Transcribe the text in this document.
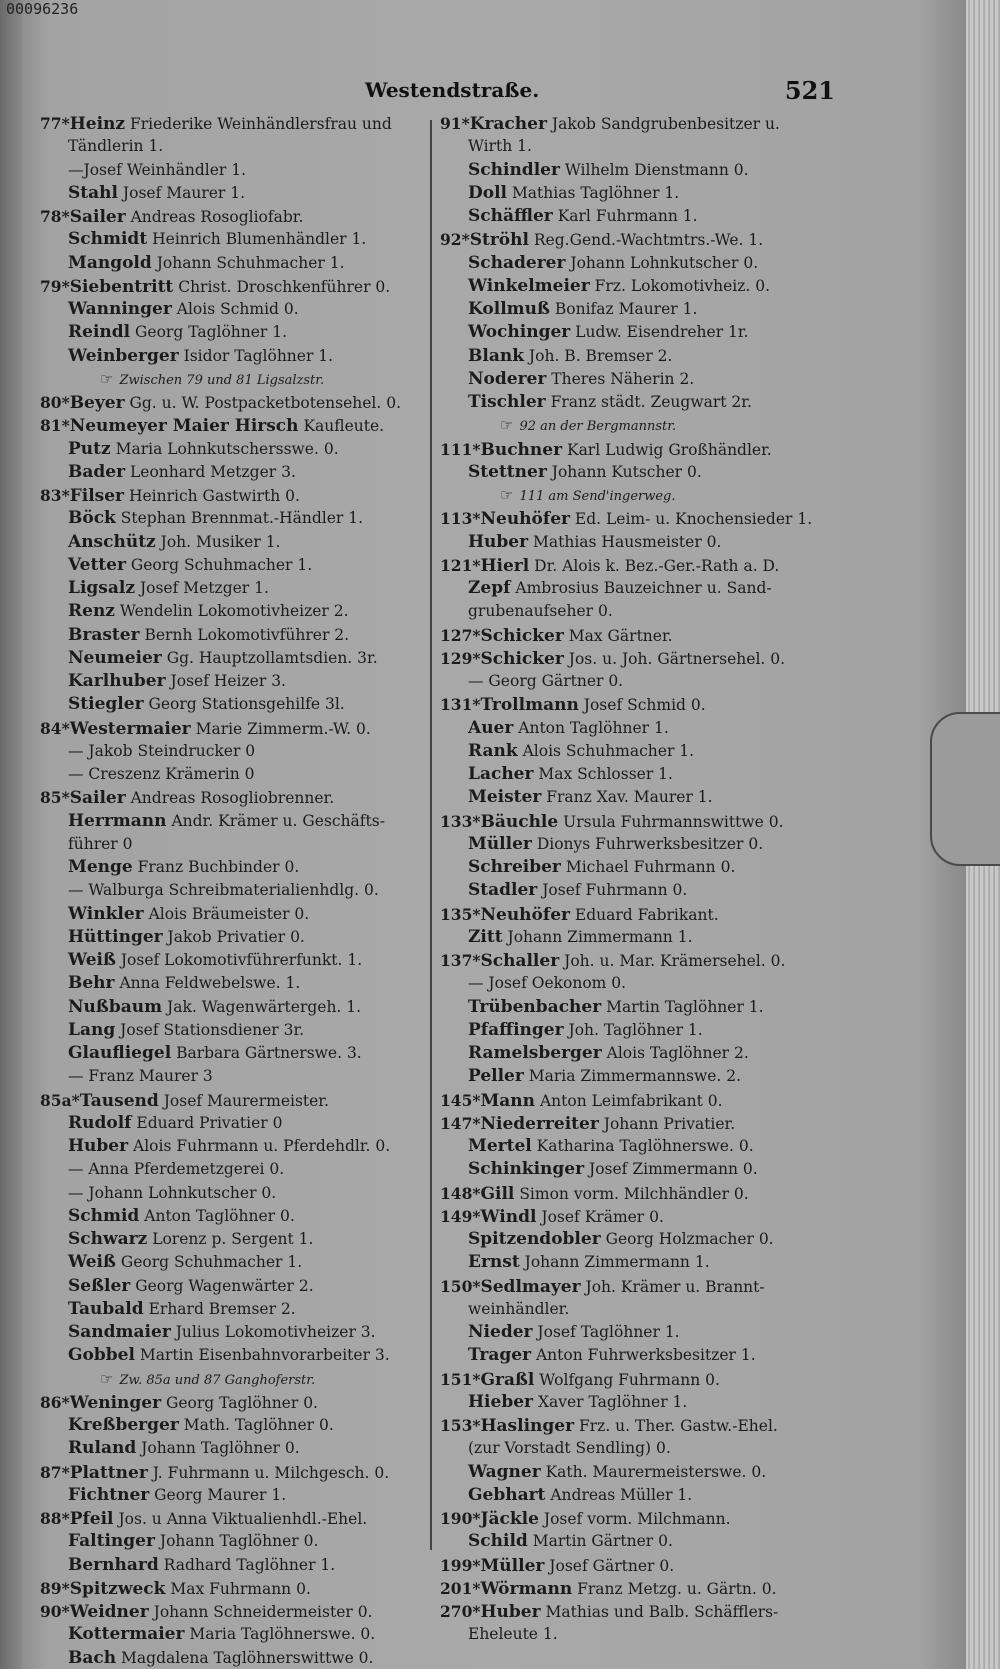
00096236
Westendstraße.	521
77*Heinz Friederike Weinhändlersfrau und
Tändlerin 1.
—Josef Weinhändler 1.
Stahl Josef Maurer 1.
78*Sailer Andreas Rosogliofabr.
Schmidt Heinrich Blumenhändler 1.
Mangold Johann Schuhmacher 1.
79*Siebentritt Christ. Droschkenführer 0.
Wanninger Alois Schmid 0.
Reindl Georg Taglöhner 1.
Weinberger Isidor Taglöhner 1.
☞ Zwischen 79 und 81 Ligsalzstr.
80*Beyer Gg. u. W. Postpacketbotensehel. 0.
81*Neumeyer Maier Hirsch Kaufleute.
Putz Maria Lohnkutschersswe. 0.
Bader Leonhard Metzger 3.
83*Filser Heinrich Gastwirth 0.
Böck Stephan Brennmat.-Händler 1.
Anschütz Joh. Musiker 1.
Vetter Georg Schuhmacher 1.
Ligsalz Josef Metzger 1.
Renz Wendelin Lokomotivheizer 2.
Braster Bernh Lokomotivführer 2.
Neumeier Gg. Hauptzollamtsdien. 3r.
Karlhuber Josef Heizer 3.
Stiegler Georg Stationsgehilfe 3l.
84*Westermaier Marie Zimmerm.-W. 0.
— Jakob Steindrucker 0
— Creszenz Krämerin 0
85*Sailer Andreas Rosogliobrenner.
Herrmann Andr. Krämer u. Geschäfts-
führer 0
Menge Franz Buchbinder 0.
— Walburga Schreibmaterialienhdlg. 0.
Winkler Alois Bräumeister 0.
Hüttinger Jakob Privatier 0.
Weiß Josef Lokomotivführerfunkt. 1.
Behr Anna Feldwebelswe. 1.
Nußbaum Jak. Wagenwärtergeh. 1.
Lang Josef Stationsdiener 3r.
Glaufliegel Barbara Gärtnerswe. 3.
— Franz Maurer 3
85a*Tausend Josef Maurermeister.
Rudolf Eduard Privatier 0
Huber Alois Fuhrmann u. Pferdehdlr. 0.
— Anna Pferdemetzgerei 0.
— Johann Lohnkutscher 0.
Schmid Anton Taglöhner 0.
Schwarz Lorenz p. Sergent 1.
Weiß Georg Schuhmacher 1.
Seßler Georg Wagenwärter 2.
Taubald Erhard Bremser 2.
Sandmaier Julius Lokomotivheizer 3.
Gobbel Martin Eisenbahnvorarbeiter 3.
☞ Zw. 85a und 87 Ganghoferstr.
86*Weninger Georg Taglöhner 0.
Kreßberger Math. Taglöhner 0.
Ruland Johann Taglöhner 0.
87*Plattner J. Fuhrmann u. Milchgesch. 0.
Fichtner Georg Maurer 1.
88*Pfeil Jos. u Anna Viktualienhdl.-Ehel.
Faltinger Johann Taglöhner 0.
Bernhard Radhard Taglöhner 1.
89*Spitzweck Max Fuhrmann 0.
90*Weidner Johann Schneidermeister 0.
Kottermaier Maria Taglöhnerswe. 0.
Bach Magdalena Taglöhnerswittwe 0.
91*Kracher Jakob Sandgrubenbesitzer u.
Wirth 1.
Schindler Wilhelm Dienstmann 0.
Doll Mathias Taglöhner 1.
Schäffler Karl Fuhrmann 1.
92*Ströhl Reg.Gend.-Wachtmtrs.-We. 1.
Schaderer Johann Lohnkutscher 0.
Winkelmeier Frz. Lokomotivheiz. 0.
Kollmuß Bonifaz Maurer 1.
Wochinger Ludw. Eisendreher 1r.
Blank Joh. B. Bremser 2.
Noderer Theres Näherin 2.
Tischler Franz städt. Zeugwart 2r.
☞ 92 an der Bergmannstr.
111*Buchner Karl Ludwig Großhändler.
Stettner Johann Kutscher 0.
☞ 111 am Send'ingerweg.
113*Neuhöfer Ed. Leim- u. Knochensieder 1.
Huber Mathias Hausmeister 0.
121*Hierl Dr. Alois k. Bez.-Ger.-Rath a. D.
Zepf Ambrosius Bauzeichner u. Sand-
grubenaufseher 0.
127*Schicker Max Gärtner.
129*Schicker Jos. u. Joh. Gärtnersehel. 0.
— Georg Gärtner 0.
131*Trollmann Josef Schmid 0.
Auer Anton Taglöhner 1.
Rank Alois Schuhmacher 1.
Lacher Max Schlosser 1.
Meister Franz Xav. Maurer 1.
133*Bäuchle Ursula Fuhrmannswittwe 0.
Müller Dionys Fuhrwerksbesitzer 0.
Schreiber Michael Fuhrmann 0.
Stadler Josef Fuhrmann 0.
135*Neuhöfer Eduard Fabrikant.
Zitt Johann Zimmermann 1.
137*Schaller Joh. u. Mar. Krämersehel. 0.
— Josef Oekonom 0.
Trübenbacher Martin Taglöhner 1.
Pfaffinger Joh. Taglöhner 1.
Ramelsberger Alois Taglöhner 2.
Peller Maria Zimmermannswe. 2.
145*Mann Anton Leimfabrikant 0.
147*Niederreiter Johann Privatier.
Mertel Katharina Taglöhnerswe. 0.
Schinkinger Josef Zimmermann 0.
148*Gill Simon vorm. Milchhändler 0.
149*Windl Josef Krämer 0.
Spitzendobler Georg Holzmacher 0.
Ernst Johann Zimmermann 1.
150*Sedlmayer Joh. Krämer u. Brannt-
weinhändler.
Nieder Josef Taglöhner 1.
Trager Anton Fuhrwerksbesitzer 1.
151*Graßl Wolfgang Fuhrmann 0.
Hieber Xaver Taglöhner 1.
153*Haslinger Frz. u. Ther. Gastw.-Ehel.
(zur Vorstadt Sendling) 0.
Wagner Kath. Maurermeisterswe. 0.
Gebhart Andreas Müller 1.
190*Jäckle Josef vorm. Milchmann.
Schild Martin Gärtner 0.
199*Müller Josef Gärtner 0.
201*Wörmann Franz Metzg. u. Gärtn. 0.
270*Huber Mathias und Balb. Schäfflers-
Eheleute 1.
